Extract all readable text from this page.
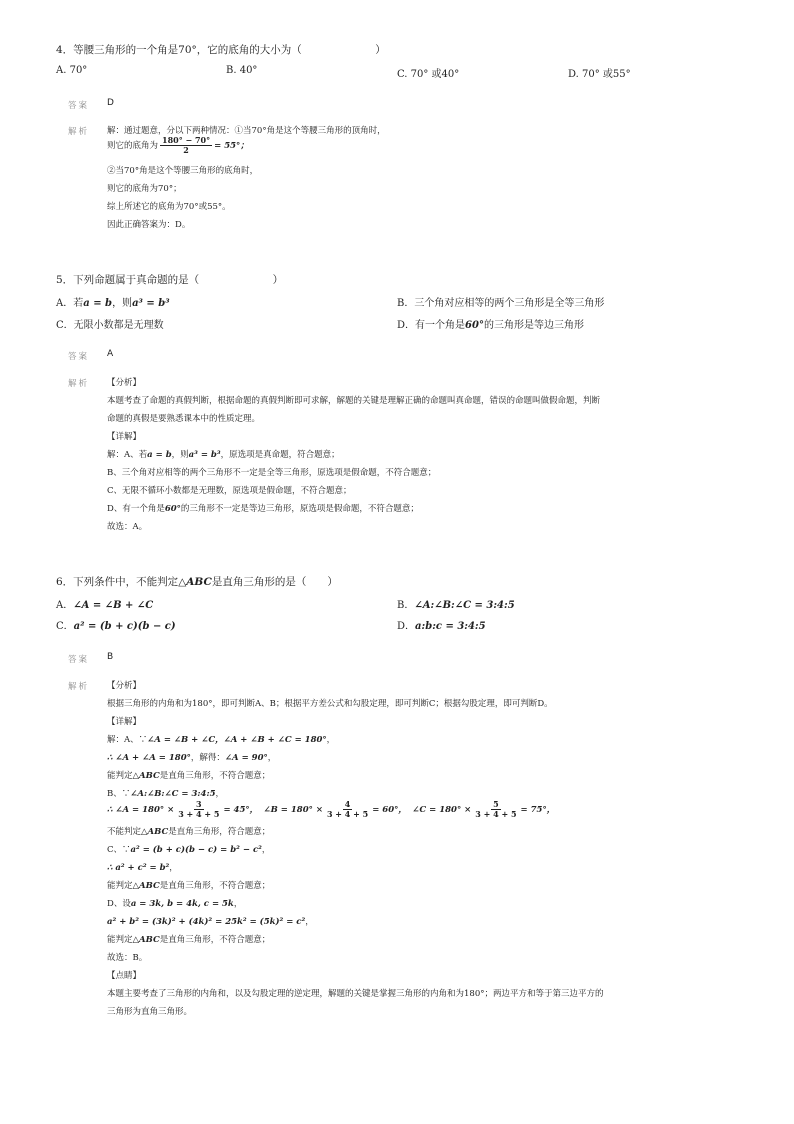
4．等腰三角形的一个角是70°，它的底角的大小为（　　　　　　　）
A. 70°	B. 40°	C. 70° 或40°	D. 70° 或55°
答案 D
解析 解：通过题意，分以下两种情况：①当70°角是这个等腰三角形的顶角时，
则它的底角为 $\frac{180^\circ - 70^\circ}{2} = 55^\circ$；
②当70°角是这个等腰三角形的底角时，
则它的底角为70°；
综上所述它的底角为70°或55°。
因此正确答案为：D。
5．下列命题属于真命题的是（　　　　　　　）
A．若a = b，则a³ = b³	B．三个角对应相等的两个三角形是全等三角形
C．无限小数都是无理数	D．有一个角是60°的三角形是等边三角形
答案 A
解析 【分析】
本题考查了命题的真假判断，根据命题的真假判断即可求解，解题的关键是理解正确的命题叫真命题，错误的命题叫做假命题，判断
命题的真假是要熟悉课本中的性质定理。
【详解】
解：A、若a = b，则a³ = b³，原选项是真命题，符合题意；
B、三个角对应相等的两个三角形不一定是全等三角形，原选项是假命题，不符合题意；
C、无限不循环小数都是无理数，原选项是假命题，不符合题意；
D、有一个角是60°的三角形不一定是等边三角形，原选项是假命题，不符合题意；
故选：A。
6．下列条件中，不能判定△ABC是直角三角形的是（　　）
A．∠A = ∠B + ∠C	B．∠A:∠B:∠C = 3:4:5
C．a² = (b + c)(b − c)	D．a:b:c = 3:4:5
答案 B
解析 【分析】
根据三角形的内角和为180°，即可判断A、B；根据平方差公式和勾股定理，即可判断C；根据勾股定理，即可判断D。
【详解】
解：A、∵∠A = ∠B + ∠C，∠A + ∠B + ∠C = 180°，
∴ ∠A + ∠A = 180°，解得：∠A = 90°，
能判定△ABC是直角三角形，不符合题意；
B、∵∠A:∠B:∠C = 3:4:5，
∴ ∠A = $180^\circ \times \frac{3}{3 + 4 + 5} = 45^\circ$， ∠B = $180^\circ \times \frac{4}{3 + 4 + 5} = 60^\circ$， ∠C = $180^\circ \times \frac{5}{3 + 4 + 5} = 75^\circ$，
不能判定△ABC是直角三角形，符合题意；
C、∵a² = (b + c)(b − c) = b² − c²，
∴ a² + c² = b²，
能判定△ABC是直角三角形，不符合题意；
D、设a = 3k, b = 4k, c = 5k，
a² + b² = (3k)² + (4k)² = 25k² = (5k)² = c²，
能判定△ABC是直角三角形，不符合题意；
故选：B。
【点睛】
本题主要考查了三角形的内角和，以及勾股定理的逆定理，解题的关键是掌握三角形的内角和为180°；两边平方和等于第三边平方的
三角形为直角三角形。
